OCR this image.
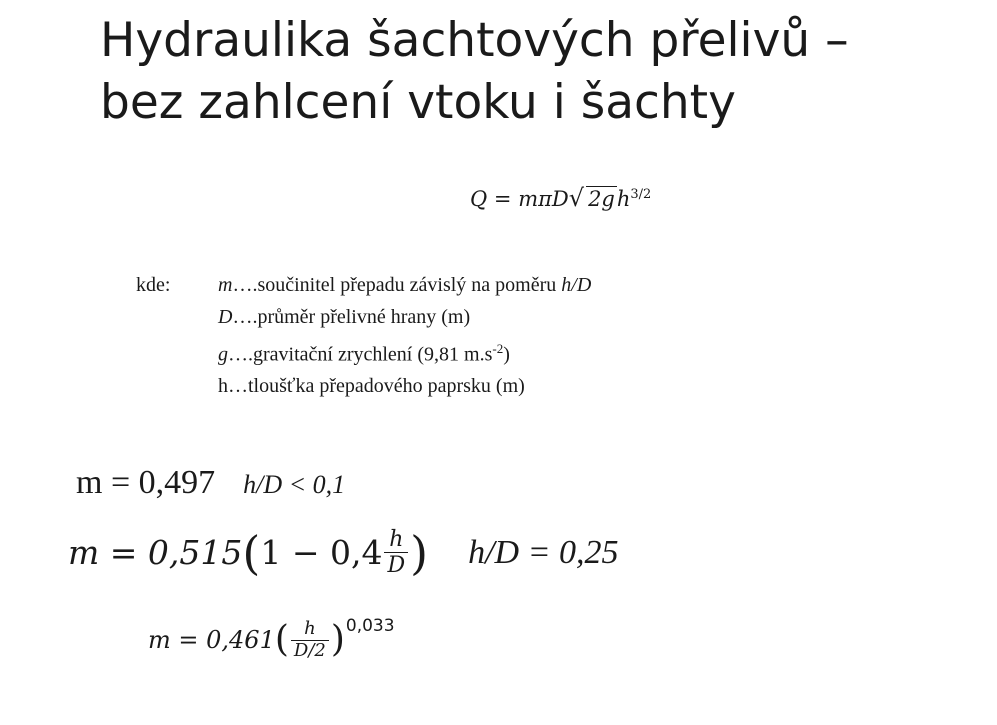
Hydraulika šachtových přelivů –
bez zahlcení vtoku i šachty
Q = mπD√ $2gh^{3/2}$
kde: m….součinitel přepadu závislý na poměru h/D
D….průměr přelivné hrany (m)
g….gravitační zrychlení (9,81 $m.s^{-2}$)
h…tloušťka přepadového paprsku (m)
m = 0,497 h/D < 0,1
m = 0,515 ( $1 - 0,4 \frac{h}{D}$ ) h/D = 0,25
m = 0,461 ( $\frac{h}{D/2}$ ) 0,033
